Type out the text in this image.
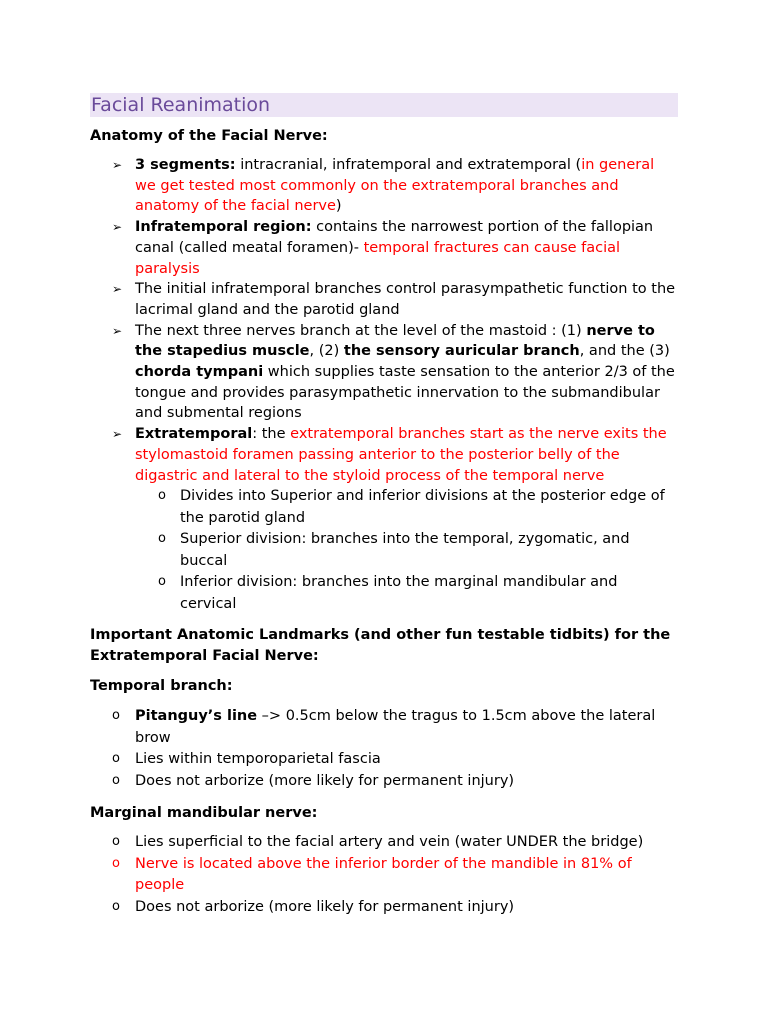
Facial Reanimation

Anatomy of the Facial Nerve:

➢ 3 segments: intracranial, infratemporal and extratemporal (in general we get tested most commonly on the extratemporal branches and anatomy of the facial nerve)
➢ Infratemporal region: contains the narrowest portion of the fallopian canal (called meatal foramen)- temporal fractures can cause facial paralysis
➢ The initial infratemporal branches control parasympathetic function to the lacrimal gland and the parotid gland
➢ The next three nerves branch at the level of the mastoid : (1) nerve to the stapedius muscle, (2) the sensory auricular branch, and the (3) chorda tympani which supplies taste sensation to the anterior 2/3 of the tongue and provides parasympathetic innervation to the submandibular and submental regions
➢ Extratemporal: the extratemporal branches start as the nerve exits the stylomastoid foramen passing anterior to the posterior belly of the digastric and lateral to the styloid process of the temporal nerve
o Divides into Superior and inferior divisions at the posterior edge of the parotid gland
o Superior division: branches into the temporal, zygomatic, and buccal
o Inferior division: branches into the marginal mandibular and cervical

Important Anatomic Landmarks (and other fun testable tidbits) for the Extratemporal Facial Nerve:

Temporal branch:

o Pitanguy’s line –> 0.5cm below the tragus to 1.5cm above the lateral brow
o Lies within temporoparietal fascia
o Does not arborize (more likely for permanent injury)

Marginal mandibular nerve:

o Lies superficial to the facial artery and vein (water UNDER the bridge)
o Nerve is located above the inferior border of the mandible in 81% of people
o Does not arborize (more likely for permanent injury)
